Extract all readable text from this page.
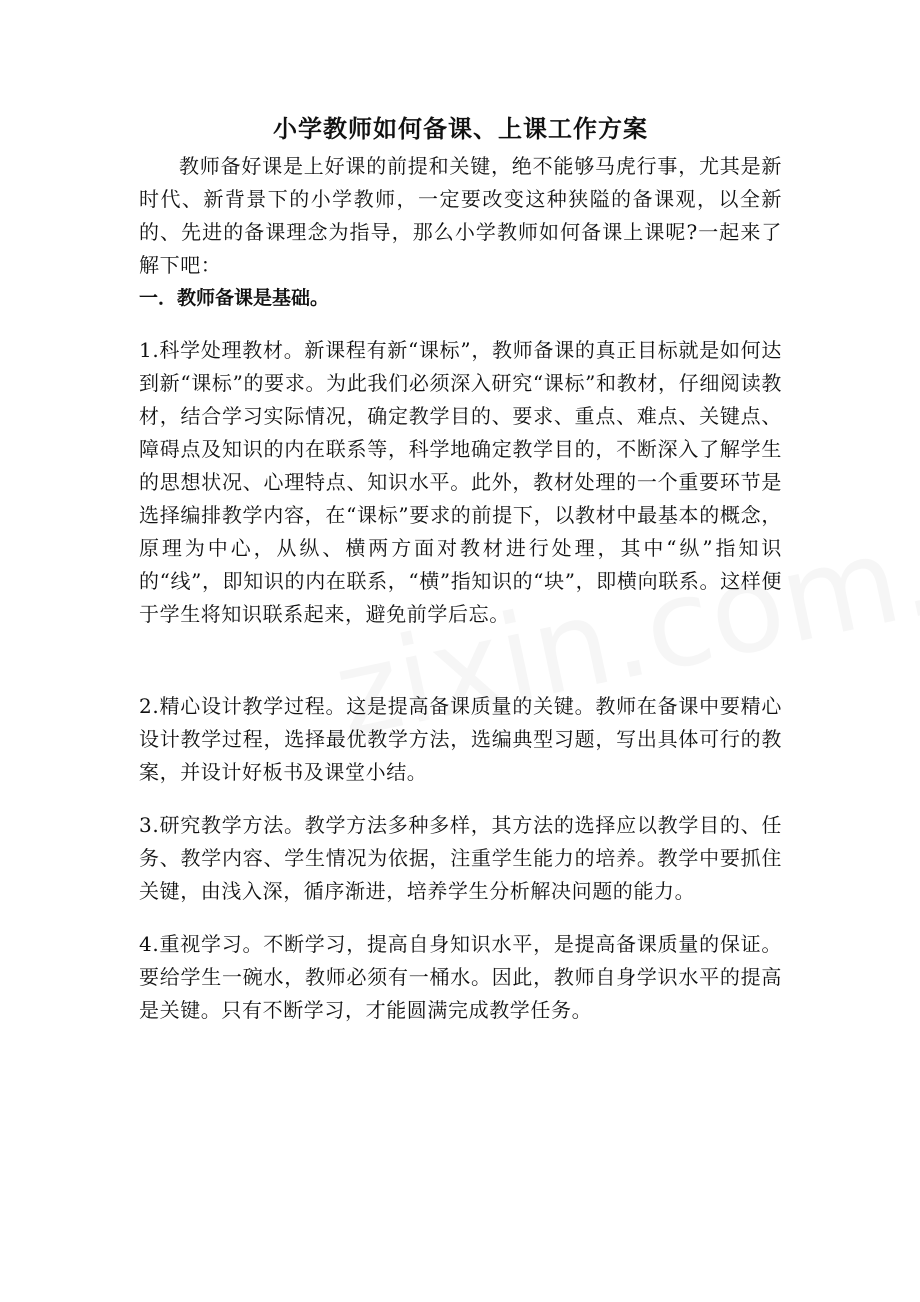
小学教师如何备课、上课工作方案

教师备好课是上好课的前提和关键，绝不能够马虎行事，尤其是新时代、新背景下的小学教师，一定要改变这种狭隘的备课观，以全新的、先进的备课理念为指导，那么小学教师如何备课上课呢?一起来了解下吧：

一．教师备课是基础。

1.科学处理教材。新课程有新“课标”，教师备课的真正目标就是如何达到新“课标”的要求。为此我们必须深入研究“课标”和教材，仔细阅读教材，结合学习实际情况，确定教学目的、要求、重点、难点、关键点、障碍点及知识的内在联系等，科学地确定教学目的，不断深入了解学生的思想状况、心理特点、知识水平。此外，教材处理的一个重要环节是选择编排教学内容，在“课标”要求的前提下，以教材中最基本的概念，原理为中心，从纵、横两方面对教材进行处理，其中“纵”指知识的“线”，即知识的内在联系，“横”指知识的“块”，即横向联系。这样便于学生将知识联系起来，避免前学后忘。

2.精心设计教学过程。这是提高备课质量的关键。教师在备课中要精心设计教学过程，选择最优教学方法，选编典型习题，写出具体可行的教案，并设计好板书及课堂小结。

3.研究教学方法。教学方法多种多样，其方法的选择应以教学目的、任务、教学内容、学生情况为依据，注重学生能力的培养。教学中要抓住关键，由浅入深，循序渐进，培养学生分析解决问题的能力。

4.重视学习。不断学习，提高自身知识水平，是提高备课质量的保证。要给学生一碗水，教师必须有一桶水。因此，教师自身学识水平的提高是关键。只有不断学习，才能圆满完成教学任务。
